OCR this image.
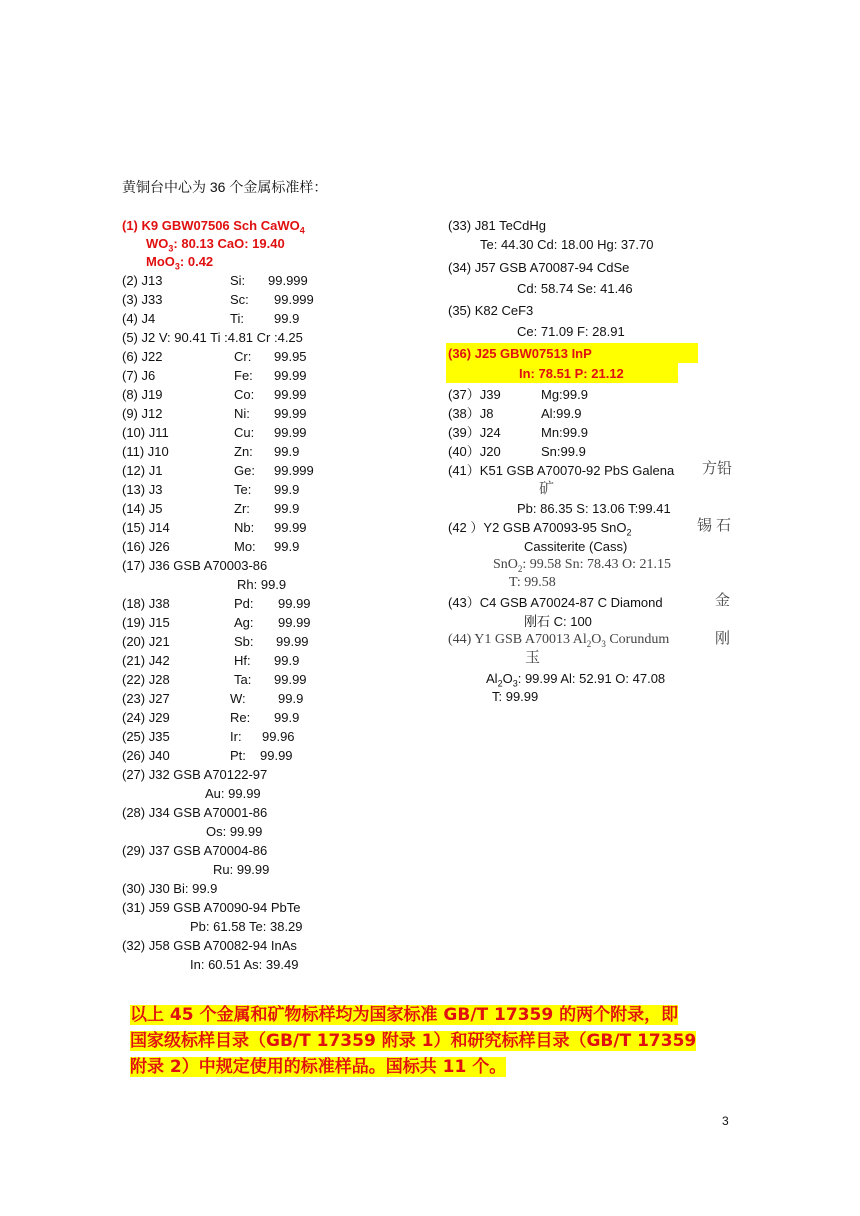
黄铜台中心为 36 个金属标准样：
(1) K9 GBW07506 Sch CaWO$_4$
$WO_3$: 80.13 CaO: 19.40
MoO$_3$: 0.42
(2) J13	Si: 99.999
(3) J33	Sc: 99.999
(4) J4	Ti: 99.9
(5) J2 V: 90.41 Ti :4.81 Cr :4.25
(6) J22	Cr: 99.95
(7) J6	Fe: 99.99
(8) J19	Co: 99.99
(9) J12	Ni: 99.99
(10) J11	Cu: 99.99
(11) J10	Zn: 99.9
(12) J1	Ge: 99.999
(13) J3	Te: 99.9
(14) J5	Zr: 99.9
(15) J14	Nb: 99.99
(16) J26	Mo: 99.9
(17) J36 GSB A70003-86
Rh: 99.9
(18) J38	Pd: 99.99
(19) J15	Ag: 99.99
(20) J21	Sb: 99.99
(21) J42	Hf: 99.9
(22) J28	Ta: 99.99
(23) J27	W: 99.9
(24) J29	Re: 99.9
(25) J35	Ir: 99.96
(26) J40	Pt: 99.99
(27) J32 GSB A70122-97
Au: 99.99
(28) J34 GSB A70001-86
Os: 99.99
(29) J37 GSB A70004-86
Ru: 99.99
(30) J30 Bi: 99.9
(31) J59 GSB A70090-94 PbTe
Pb: 61.58 Te: 38.29
(32) J58 GSB A70082-94 InAs
In: 60.51 As: 39.49
(33) J81 TeCdHg
Te: 44.30 Cd: 18.00 Hg: 37.70
(34) J57 GSB A70087-94 CdSe
Cd: 58.74 Se: 41.46
(35) K82 CeF3
Ce: 71.09 F: 28.91
(36) J25 GBW07513 InP
In: 78.51 P: 21.12
(37）J39	Mg:99.9
(38）J8	Al:99.9
(39）J24	Mn:99.9
(40）J20	Sn:99.9
(41）K51 GSB A70070-92 PbS Galena 方铅
矿
Pb: 86.35 S: 13.06 T:99.41
(42 ）Y2 GSB A70093-95 SnO$_2$	锡石
Cassiterite (Cass)
SnO$_2$: 99.58 Sn: 78.43 O: 21.15
T: 99.58
(43）C4 GSB A70024-87 C Diamond	金
刚石 C: 100
(44) Y1 GSB A70013 $Al_2O_3$ Corundum	刚
玉
$Al_2O_3$: 99.99 Al: 52.91 O: 47.08
T: 99.99
以上 45 个金属和矿物标样均为国家标准 GB/T 17359 的两个附录，即
国家级标样目录（GB/T 17359 附录 1）和研究标样目录（GB/T 17359
附录 2）中规定使用的标准样品。国标共 11 个。
3
